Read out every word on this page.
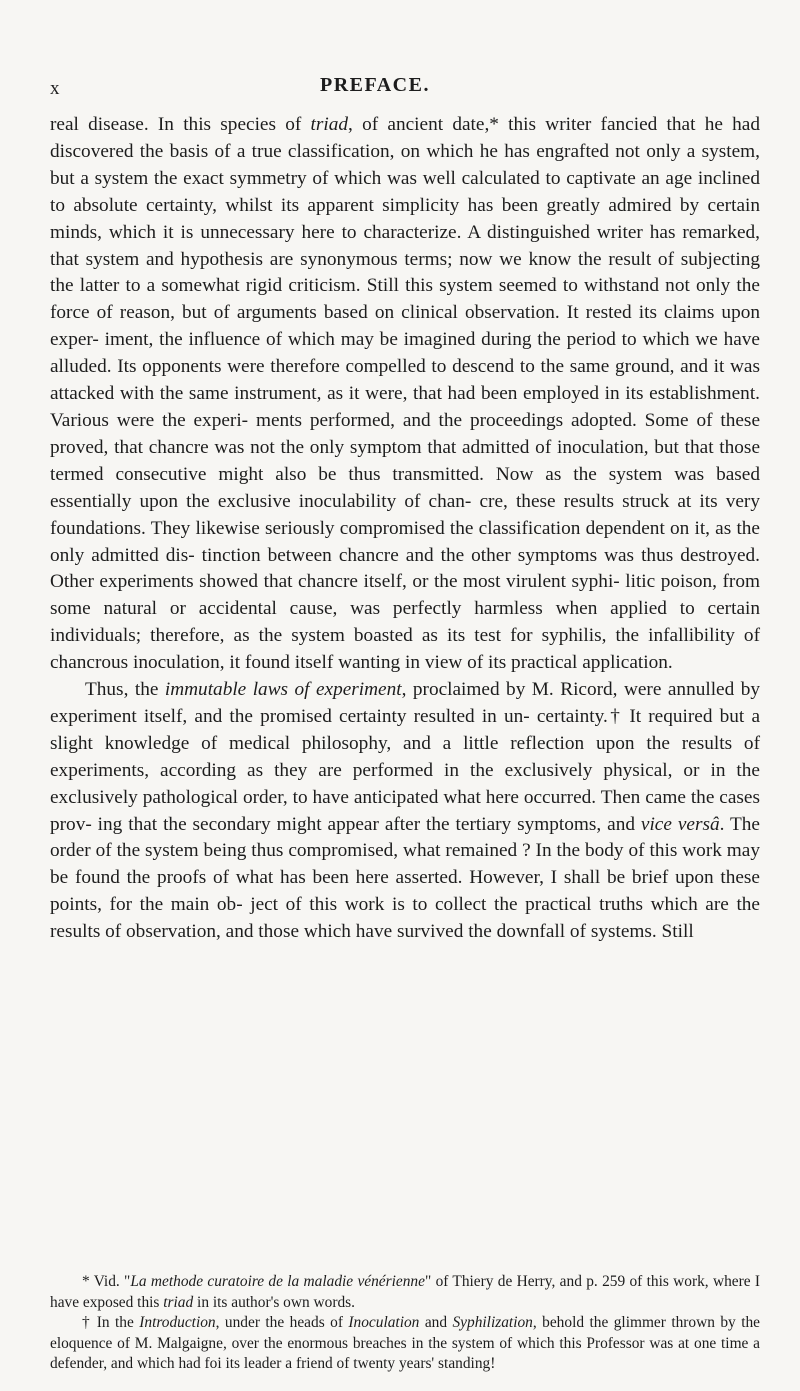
x	PREFACE.

real disease. In this species of triad, of ancient date,* this writer fancied that he had discovered the basis of a true classification, on which he has engrafted not only a system, but a system the exact symmetry of which was well calculated to captivate an age inclined to absolute certainty, whilst its apparent simplicity has been greatly admired by certain minds, which it is unnecessary here to characterize. A distinguished writer has remarked, that system and hypothesis are synonymous terms; now we know the result of subjecting the latter to a somewhat rigid criticism. Still this system seemed to withstand not only the force of reason, but of arguments based on clinical observation. It rested its claims upon exper- iment, the influence of which may be imagined during the period to which we have alluded. Its opponents were therefore compelled to descend to the same ground, and it was attacked with the same instrument, as it were, that had been employed in its establishment. Various were the experi- ments performed, and the proceedings adopted. Some of these proved, that chancre was not the only symptom that admitted of inoculation, but that those termed consecutive might also be thus transmitted. Now as the system was based essentially upon the exclusive inoculability of chan- cre, these results struck at its very foundations. They likewise seriously compromised the classification dependent on it, as the only admitted dis- tinction between chancre and the other symptoms was thus destroyed. Other experiments showed that chancre itself, or the most virulent syphi- litic poison, from some natural or accidental cause, was perfectly harmless when applied to certain individuals; therefore, as the system boasted as its test for syphilis, the infallibility of chancrous inoculation, it found itself wanting in view of its practical application.

Thus, the immutable laws of experiment, proclaimed by M. Ricord, were annulled by experiment itself, and the promised certainty resulted in un- certainty.† It required but a slight knowledge of medical philosophy, and a little reflection upon the results of experiments, according as they are performed in the exclusively physical, or in the exclusively pathological order, to have anticipated what here occurred. Then came the cases prov- ing that the secondary might appear after the tertiary symptoms, and vice versâ. The order of the system being thus compromised, what remained ? In the body of this work may be found the proofs of what has been here asserted. However, I shall be brief upon these points, for the main ob- ject of this work is to collect the practical truths which are the results of observation, and those which have survived the downfall of systems. Still

* Vid. "La methode curatoire de la maladie vénérienne" of Thiery de Herry, and p. 259 of this work, where I have exposed this triad in its author's own words.

† In the Introduction, under the heads of Inoculation and Syphilization, behold the glimmer thrown by the eloquence of M. Malgaigne, over the enormous breaches in the system of which this Professor was at one time a defender, and which had foi its leader a friend of twenty years' standing!
